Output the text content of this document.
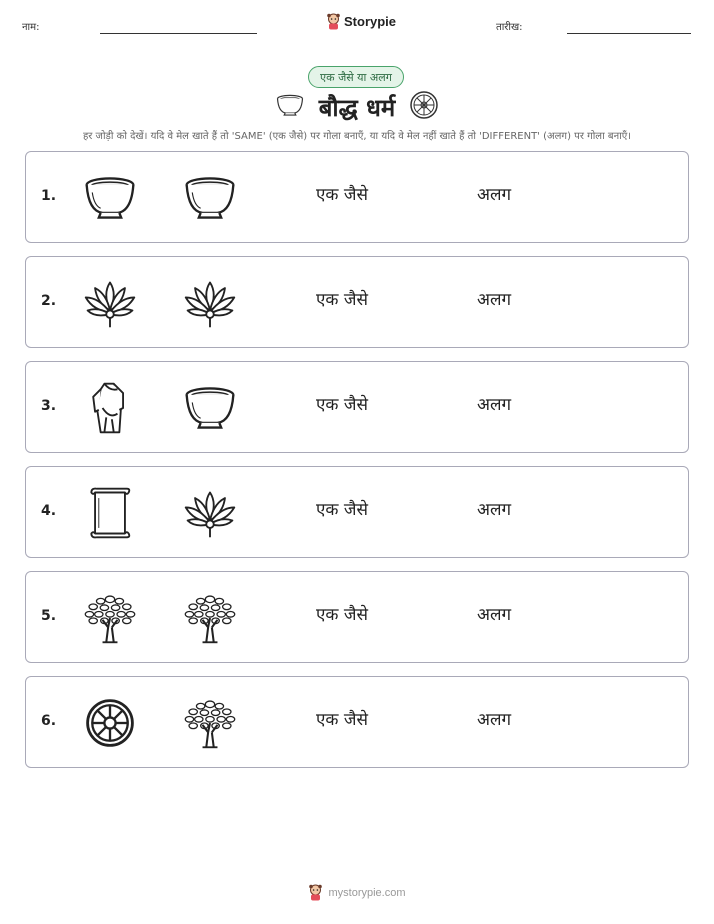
नाम:	Storypie	तारीख:
एक जैसे या अलग
बौद्ध धर्म
हर जोड़ी को देखें। यदि वे मेल खाते हैं तो 'SAME' (एक जैसे) पर गोला बनाएँ, या यदि वे मेल नहीं खाते हैं तो 'DIFFERENT' (अलग) पर गोला बनाएँ।
1.	एक जैसे	अलग
2.	एक जैसे	अलग
3.	एक जैसे	अलग
4.	एक जैसे	अलग
5.	एक जैसे	अलग
6.	एक जैसे	अलग
mystorypie.com
